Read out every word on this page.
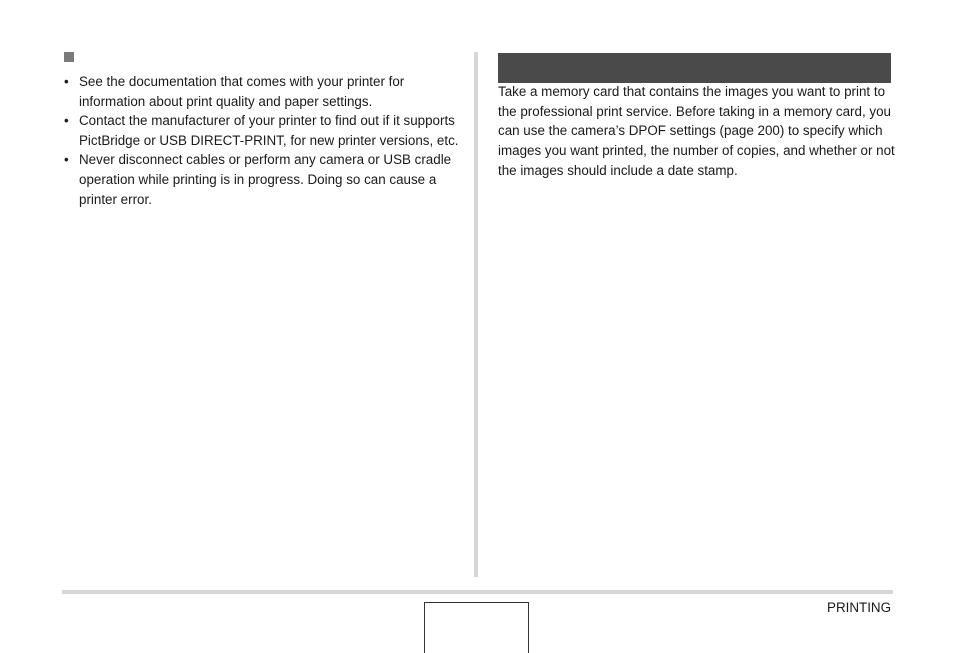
• See the documentation that comes with your printer for information about print quality and paper settings.
• Contact the manufacturer of your printer to find out if it supports PictBridge or USB DIRECT-PRINT, for new printer versions, etc.
• Never disconnect cables or perform any camera or USB cradle operation while printing is in progress. Doing so can cause a printer error.
Take a memory card that contains the images you want to print to the professional print service. Before taking in a memory card, you can use the camera’s DPOF settings (page 200) to specify which images you want printed, the number of copies, and whether or not the images should include a date stamp.
PRINTING
